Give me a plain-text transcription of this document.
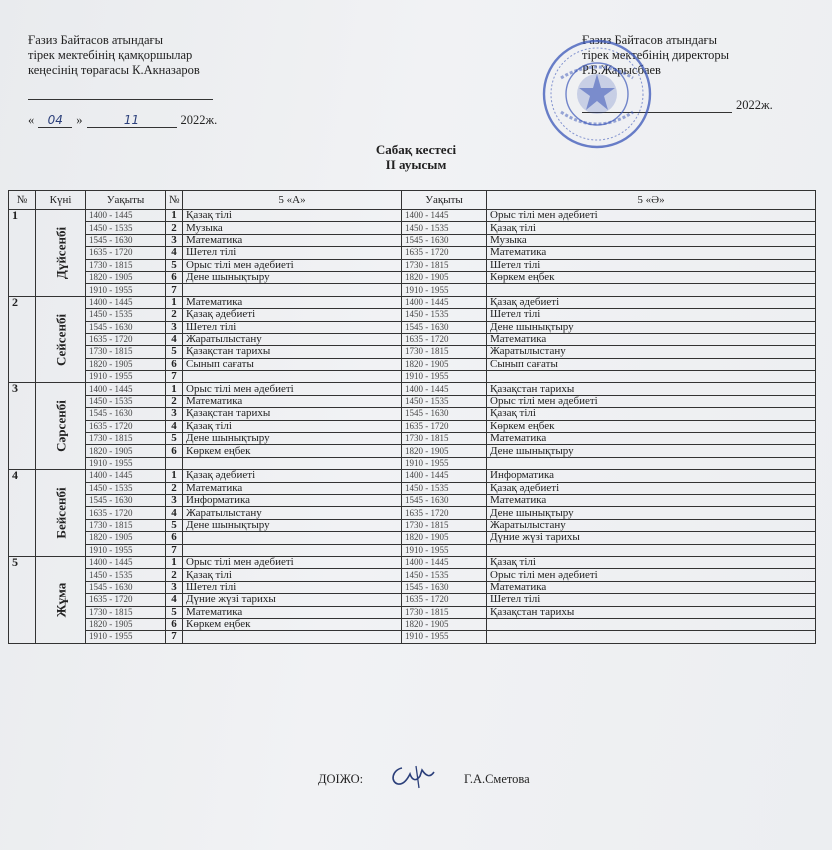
Ғазиз Байтасов атындағы
тірек мектебінің қамқоршылар
кеңесінің төрағасы К.Акназаров
«	04	»	11	2022ж.
Ғазиз Байтасов атындағы
тірек мектебінің директоры
Р.Б.Жарысбаев
2022ж.
Сабақ кестесі
ІІ ауысым
№	Күні	Уақыты	№	5 «А»	Уақыты	5 «Ә»
1	Дүйсенбі	1400 - 1445	1	Қазақ тілі	1400 - 1445	Орыс тілі мен әдебиеті
		1450 - 1535	2	Музыка	1450 - 1535	Қазақ тілі
		1545 - 1630	3	Математика	1545 - 1630	Музыка
		1635 - 1720	4	Шетел тілі	1635 - 1720	Математика
		1730 - 1815	5	Орыс тілі мен әдебиеті	1730 - 1815	Шетел тілі
		1820 - 1905	6	Дене шынықтыру	1820 - 1905	Көркем еңбек
		1910 - 1955	7		1910 - 1955	
2	Сейсенбі	1400 - 1445	1	Математика	1400 - 1445	Қазақ әдебиеті
		1450 - 1535	2	Қазақ әдебиеті	1450 - 1535	Шетел тілі
		1545 - 1630	3	Шетел тілі	1545 - 1630	Дене шынықтыру
		1635 - 1720	4	Жаратылыстану	1635 - 1720	Математика
		1730 - 1815	5	Қазақстан тарихы	1730 - 1815	Жаратылыстану
		1820 - 1905	6	Сынып сағаты	1820 - 1905	Сынып сағаты
		1910 - 1955	7		1910 - 1955	
3	Сәрсенбі	1400 - 1445	1	Орыс тілі мен әдебиеті	1400 - 1445	Қазақстан тарихы
		1450 - 1535	2	Математика	1450 - 1535	Орыс тілі мен әдебиеті
		1545 - 1630	3	Қазақстан тарихы	1545 - 1630	Қазақ тілі
		1635 - 1720	4	Қазақ тілі	1635 - 1720	Көркем еңбек
		1730 - 1815	5	Дене шынықтыру	1730 - 1815	Математика
		1820 - 1905	6	Көркем еңбек	1820 - 1905	Дене шынықтыру
		1910 - 1955			1910 - 1955	
4	Бейсенбі	1400 - 1445	1	Қазақ әдебиеті	1400 - 1445	Информатика
		1450 - 1535	2	Математика	1450 - 1535	Қазақ әдебиеті
		1545 - 1630	3	Информатика	1545 - 1630	Математика
		1635 - 1720	4	Жаратылыстану	1635 - 1720	Дене шынықтыру
		1730 - 1815	5	Дене шынықтыру	1730 - 1815	Жаратылыстану
		1820 - 1905	6		1820 - 1905	Дүние жүзі тарихы
		1910 - 1955	7		1910 - 1955	
5	Жұма	1400 - 1445	1	Орыс тілі мен әдебиеті	1400 - 1445	Қазақ тілі
		1450 - 1535	2	Қазақ тілі	1450 - 1535	Орыс тілі мен әдебиеті
		1545 - 1630	3	Шетел тілі	1545 - 1630	Математика
		1635 - 1720	4	Дүние жүзі тарихы	1635 - 1720	Шетел тілі
		1730 - 1815	5	Математика	1730 - 1815	Қазақстан тарихы
		1820 - 1905	6	Көркем еңбек	1820 - 1905	
		1910 - 1955	7		1910 - 1955	
ДОІЖО:	Г.А.Сметова
